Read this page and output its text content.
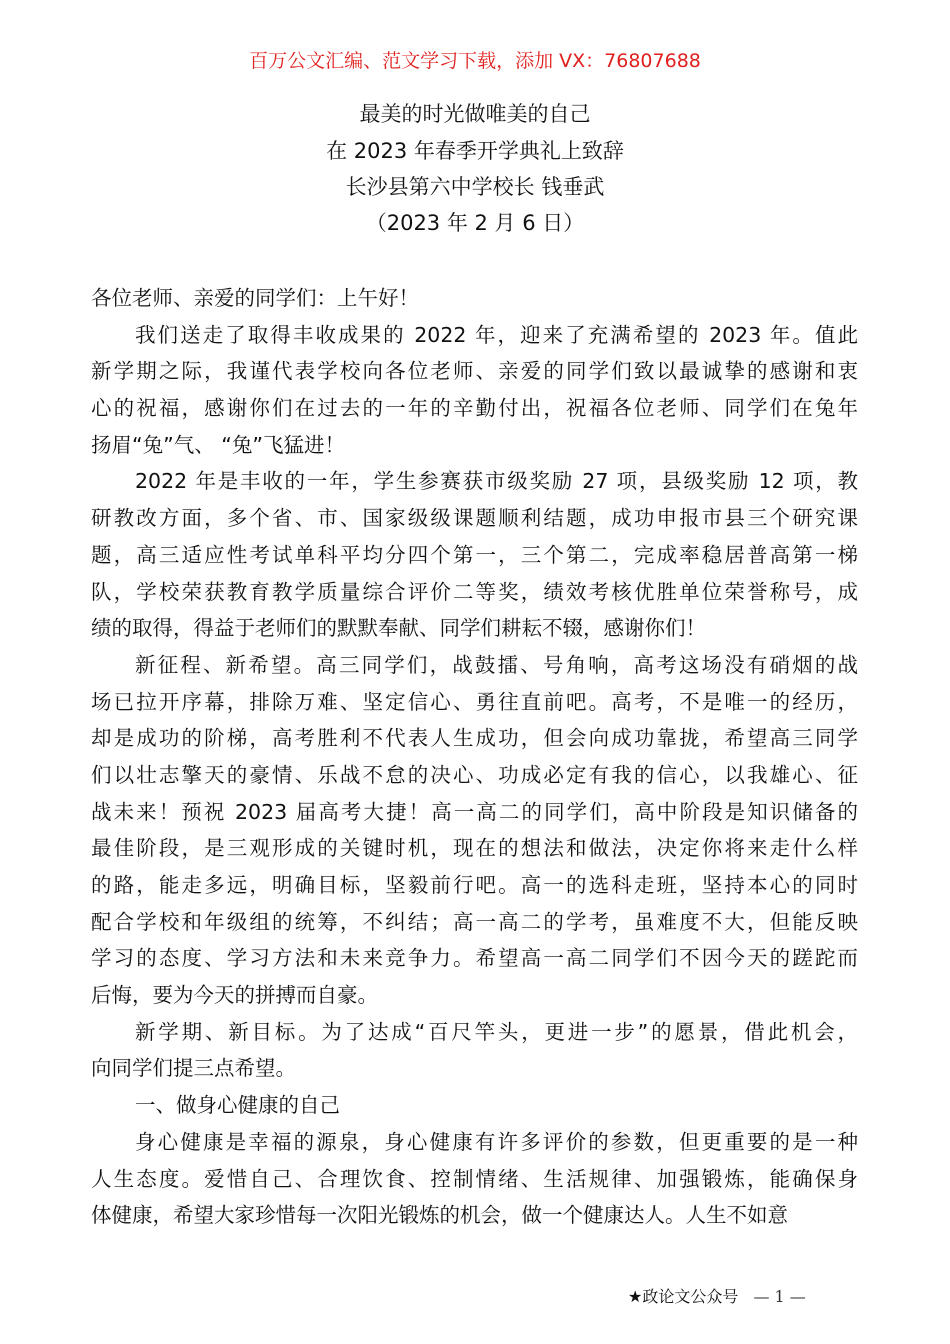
百万公文汇编、范文学习下载，添加 VX：76807688
最美的时光做唯美的自己
在 2023 年春季开学典礼上致辞
长沙县第六中学校长 钱垂武
（2023 年 2 月 6 日）
各位老师、亲爱的同学们：上午好！
我们送走了取得丰收成果的 2022 年，迎来了充满希望的 2023 年。值此
新学期之际，我谨代表学校向各位老师、亲爱的同学们致以最诚挚的感谢和衷
心的祝福，感谢你们在过去的一年的辛勤付出，祝福各位老师、同学们在兔年
扬眉“兔”气、 “兔”飞猛进！
2022 年是丰收的一年，学生参赛获市级奖励 27 项，县级奖励 12 项，教
研教改方面，多个省、市、国家级级课题顺利结题，成功申报市县三个研究课
题，高三适应性考试单科平均分四个第一，三个第二，完成率稳居普高第一梯
队，学校荣获教育教学质量综合评价二等奖，绩效考核优胜单位荣誉称号，成
绩的取得，得益于老师们的默默奉献、同学们耕耘不辍，感谢你们！
新征程、新希望。高三同学们，战鼓擂、号角响，高考这场没有硝烟的战
场已拉开序幕，排除万难、坚定信心、勇往直前吧。高考，不是唯一的经历，
却是成功的阶梯，高考胜利不代表人生成功，但会向成功靠拢，希望高三同学
们以壮志擎天的豪情、乐战不怠的决心、功成必定有我的信心，以我雄心、征
战未来！预祝 2023 届高考大捷！高一高二的同学们，高中阶段是知识储备的
最佳阶段，是三观形成的关键时机，现在的想法和做法，决定你将来走什么样
的路，能走多远，明确目标，坚毅前行吧。高一的选科走班，坚持本心的同时
配合学校和年级组的统筹，不纠结；高一高二的学考，虽难度不大，但能反映
学习的态度、学习方法和未来竞争力。希望高一高二同学们不因今天的蹉跎而
后悔，要为今天的拼搏而自豪。
新学期、新目标。为了达成“百尺竿头，更进一步”的愿景，借此机会，
向同学们提三点希望。
一、做身心健康的自己
身心健康是幸福的源泉，身心健康有许多评价的参数，但更重要的是一种
人生态度。爱惜自己、合理饮食、控制情绪、生活规律、加强锻炼，能确保身
体健康，希望大家珍惜每一次阳光锻炼的机会，做一个健康达人。人生不如意
★政论文公众号 — 1 —
